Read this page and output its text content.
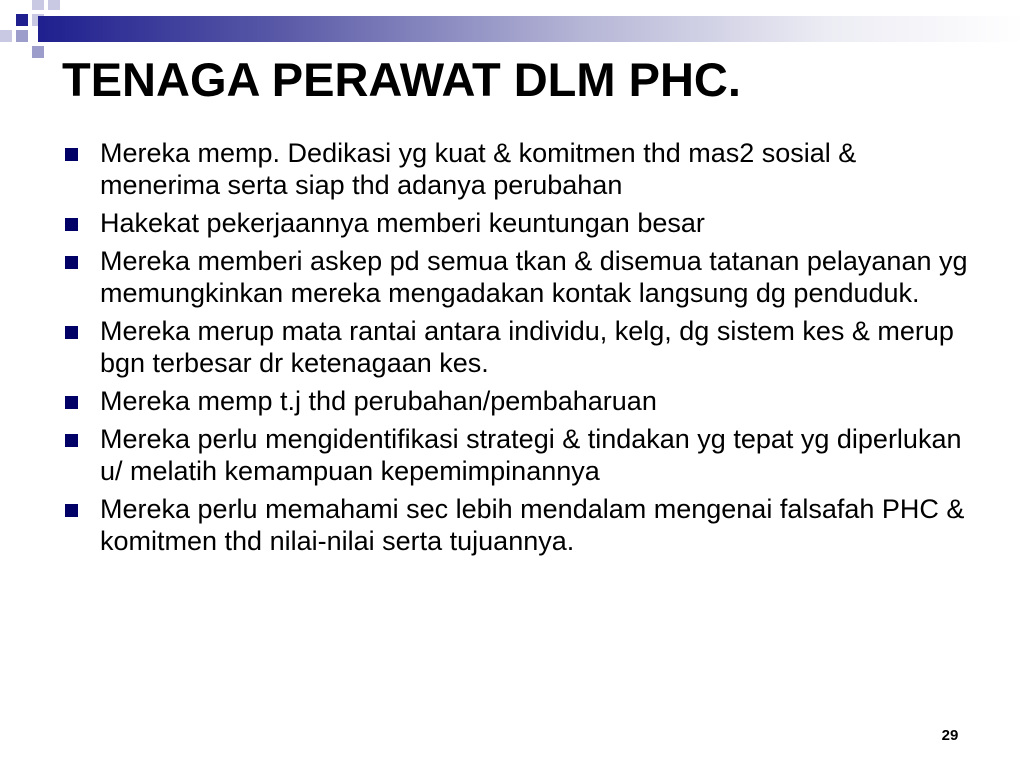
TENAGA PERAWAT DLM PHC.
Mereka memp. Dedikasi yg kuat & komitmen thd mas2 sosial & menerima serta siap thd adanya perubahan
Hakekat pekerjaannya memberi keuntungan besar
Mereka memberi askep pd semua tkan & disemua tatanan pelayanan yg memungkinkan mereka mengadakan kontak langsung dg penduduk.
Mereka merup mata rantai antara individu, kelg, dg sistem kes & merup bgn terbesar dr ketenagaan kes.
Mereka memp t.j thd perubahan/pembaharuan
Mereka perlu mengidentifikasi strategi & tindakan yg tepat yg diperlukan u/ melatih kemampuan kepemimpinannya
Mereka perlu memahami sec lebih mendalam mengenai falsafah PHC & komitmen thd nilai-nilai serta tujuannya.
29
